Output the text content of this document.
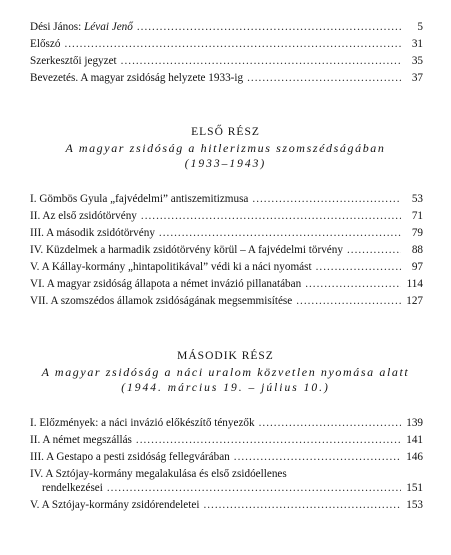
Dési János: Lévai Jenő .....	5
Előszó .....	31
Szerkesztői jegyzet .....	35
Bevezetés. A magyar zsidóság helyzete 1933-ig .....	37
ELSŐ RÉSZ
A magyar zsidóság a hitlerizmus szomszédságában
(1933–1943)
I. Gömbös Gyula „fajvédelmi” antiszemitizmusa .....	53
II. Az első zsidótörvény .....	71
III. A második zsidótörvény .....	79
IV. Küzdelmek a harmadik zsidótörvény körül – A fajvédelmi törvény .....	88
V. A Kállay-kormány „hintapolitikával” védi ki a náci nyomást .....	97
VI. A magyar zsidóság állapota a német invázió pillanatában .....	114
VII. A szomszédos államok zsidóságának megsemmisítése .....	127
MÁSODIK RÉSZ
A magyar zsidóság a náci uralom közvetlen nyomása alatt
(1944. március 19. – július 10.)
I. Előzmények: a náci invázió előkészítő tényezők .....	139
II. A német megszállás .....	141
III. A Gestapo a pesti zsidóság fellegvárában .....	146
IV. A Sztójay-kormány megalakulása és első zsidóellenes
rendelkezései .....	151
V. A Sztójay-kormány zsidórendeletei .....	153
